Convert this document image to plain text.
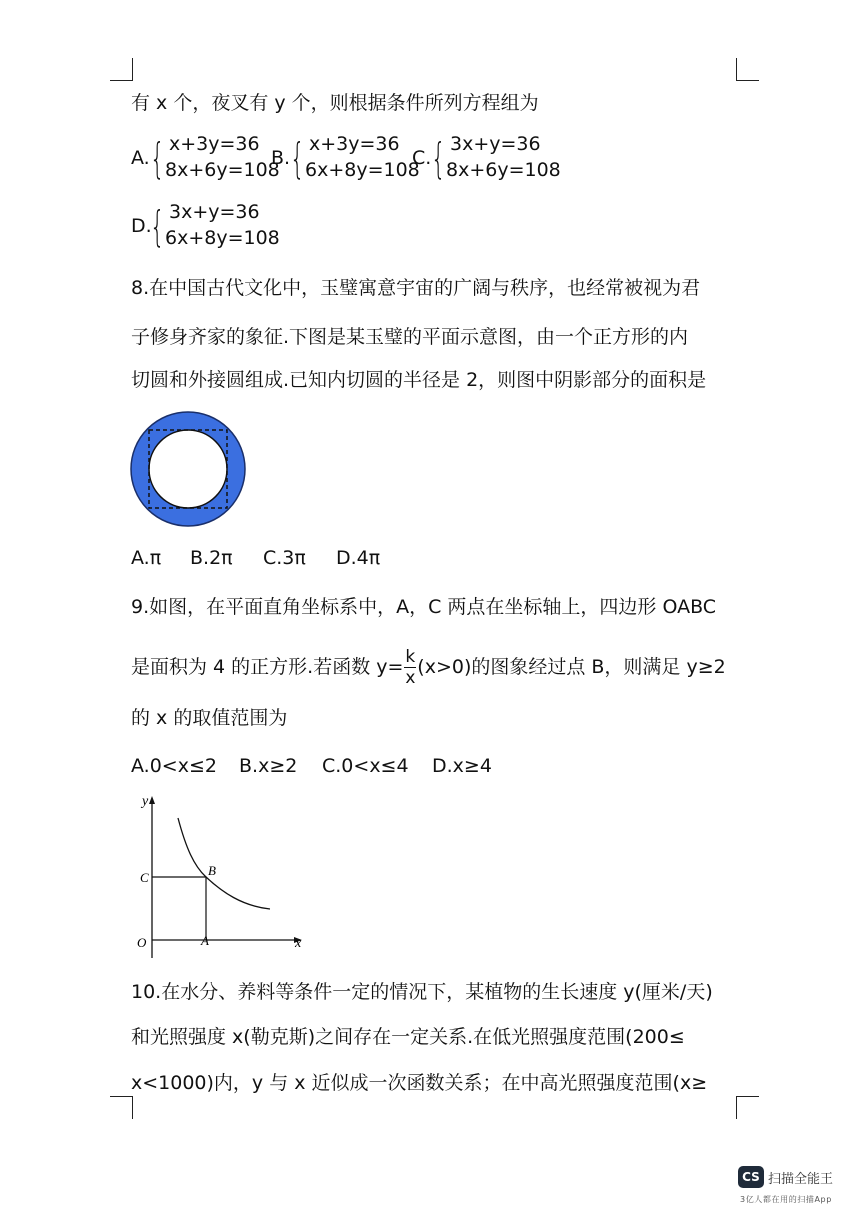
有 x 个，夜叉有 y 个，则根据条件所列方程组为
A. { x+3y=36
8x+6y=108
B. { x+3y=36
6x+8y=108
C. { 3x+y=36
8x+6y=108
D.
{ 3x+y=36
6x+8y=108
8.在中国古代文化中，玉璧寓意宇宙的广阔与秩序，也经常被视为君
子修身齐家的象征.下图是某玉璧的平面示意图，由一个正方形的内
切圆和外接圆组成.已知内切圆的半径是 2，则图中阴影部分的面积是
A.π B.2π C.3π D.4π
9.如图，在平面直角坐标系中，A，C 两点在坐标轴上，四边形 OABC
是面积为 4 的正方形.若函数 $y= \frac{k}{x} (x>0)$的图象经过点 B，则满足 y≥2
的 x 的取值范围为
A.0<x≤2 B.x≥2 C.0<x≤4 D.x≥4
y
x
O	A
B
C
10.在水分、养料等条件一定的情况下，某植物的生长速度 y(厘米/天)
和光照强度 x(勒克斯)之间存在一定关系.在低光照强度范围(200≤
x<1000)内，y 与 x 近似成一次函数关系；在中高光照强度范围(x≥
CS 扫描全能王
3亿人都在用的扫描App
